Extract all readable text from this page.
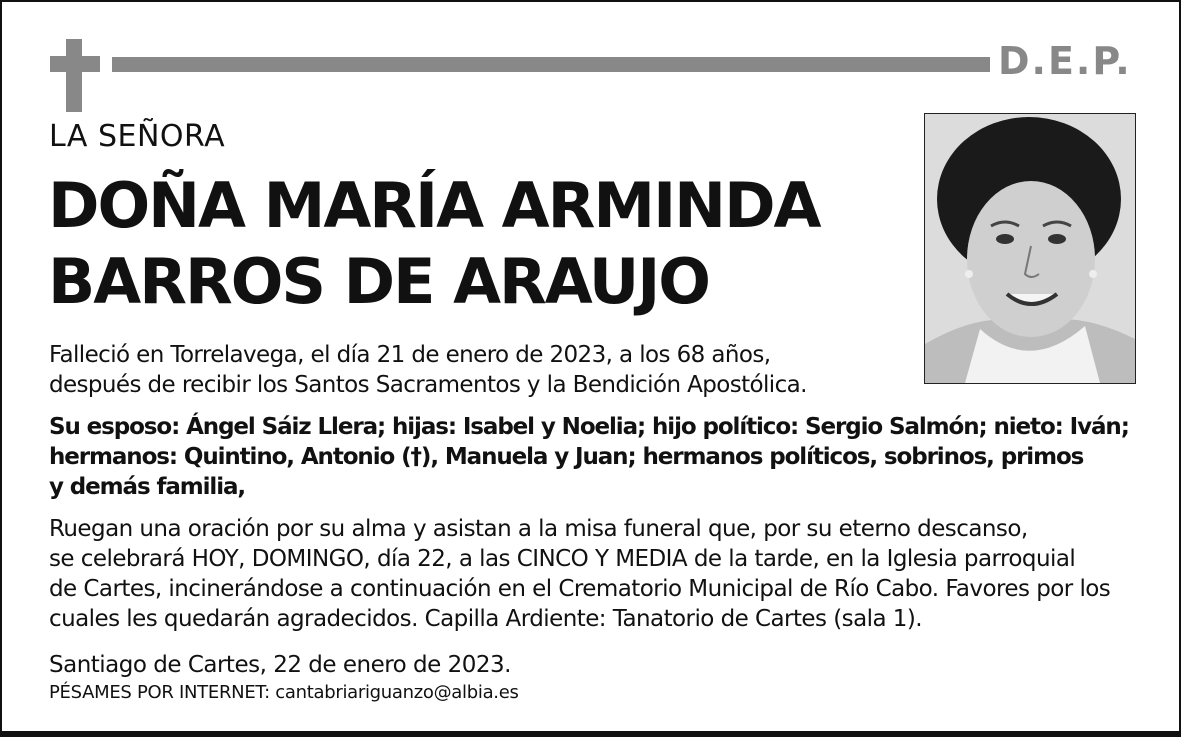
D.E.P.
LA SEÑORA
DOÑA MARÍA ARMINDA
BARROS DE ARAUJO
Falleció en Torrelavega, el día 21 de enero de 2023, a los 68 años,
después de recibir los Santos Sacramentos y la Bendición Apostólica.
Su esposo: Ángel Sáiz Llera; hijas: Isabel y Noelia; hijo político: Sergio Salmón; nieto: Iván;
hermanos: Quintino, Antonio (†), Manuela y Juan; hermanos políticos, sobrinos, primos
y demás familia,
Ruegan una oración por su alma y asistan a la misa funeral que, por su eterno descanso,
se celebrará HOY, DOMINGO, día 22, a las CINCO Y MEDIA de la tarde, en la Iglesia parroquial
de Cartes, incinerándose a continuación en el Crematorio Municipal de Río Cabo. Favores por los
cuales les quedarán agradecidos. Capilla Ardiente: Tanatorio de Cartes (sala 1).
Santiago de Cartes, 22 de enero de 2023.
PÉSAMES POR INTERNET: cantabriariguanzo@albia.es
